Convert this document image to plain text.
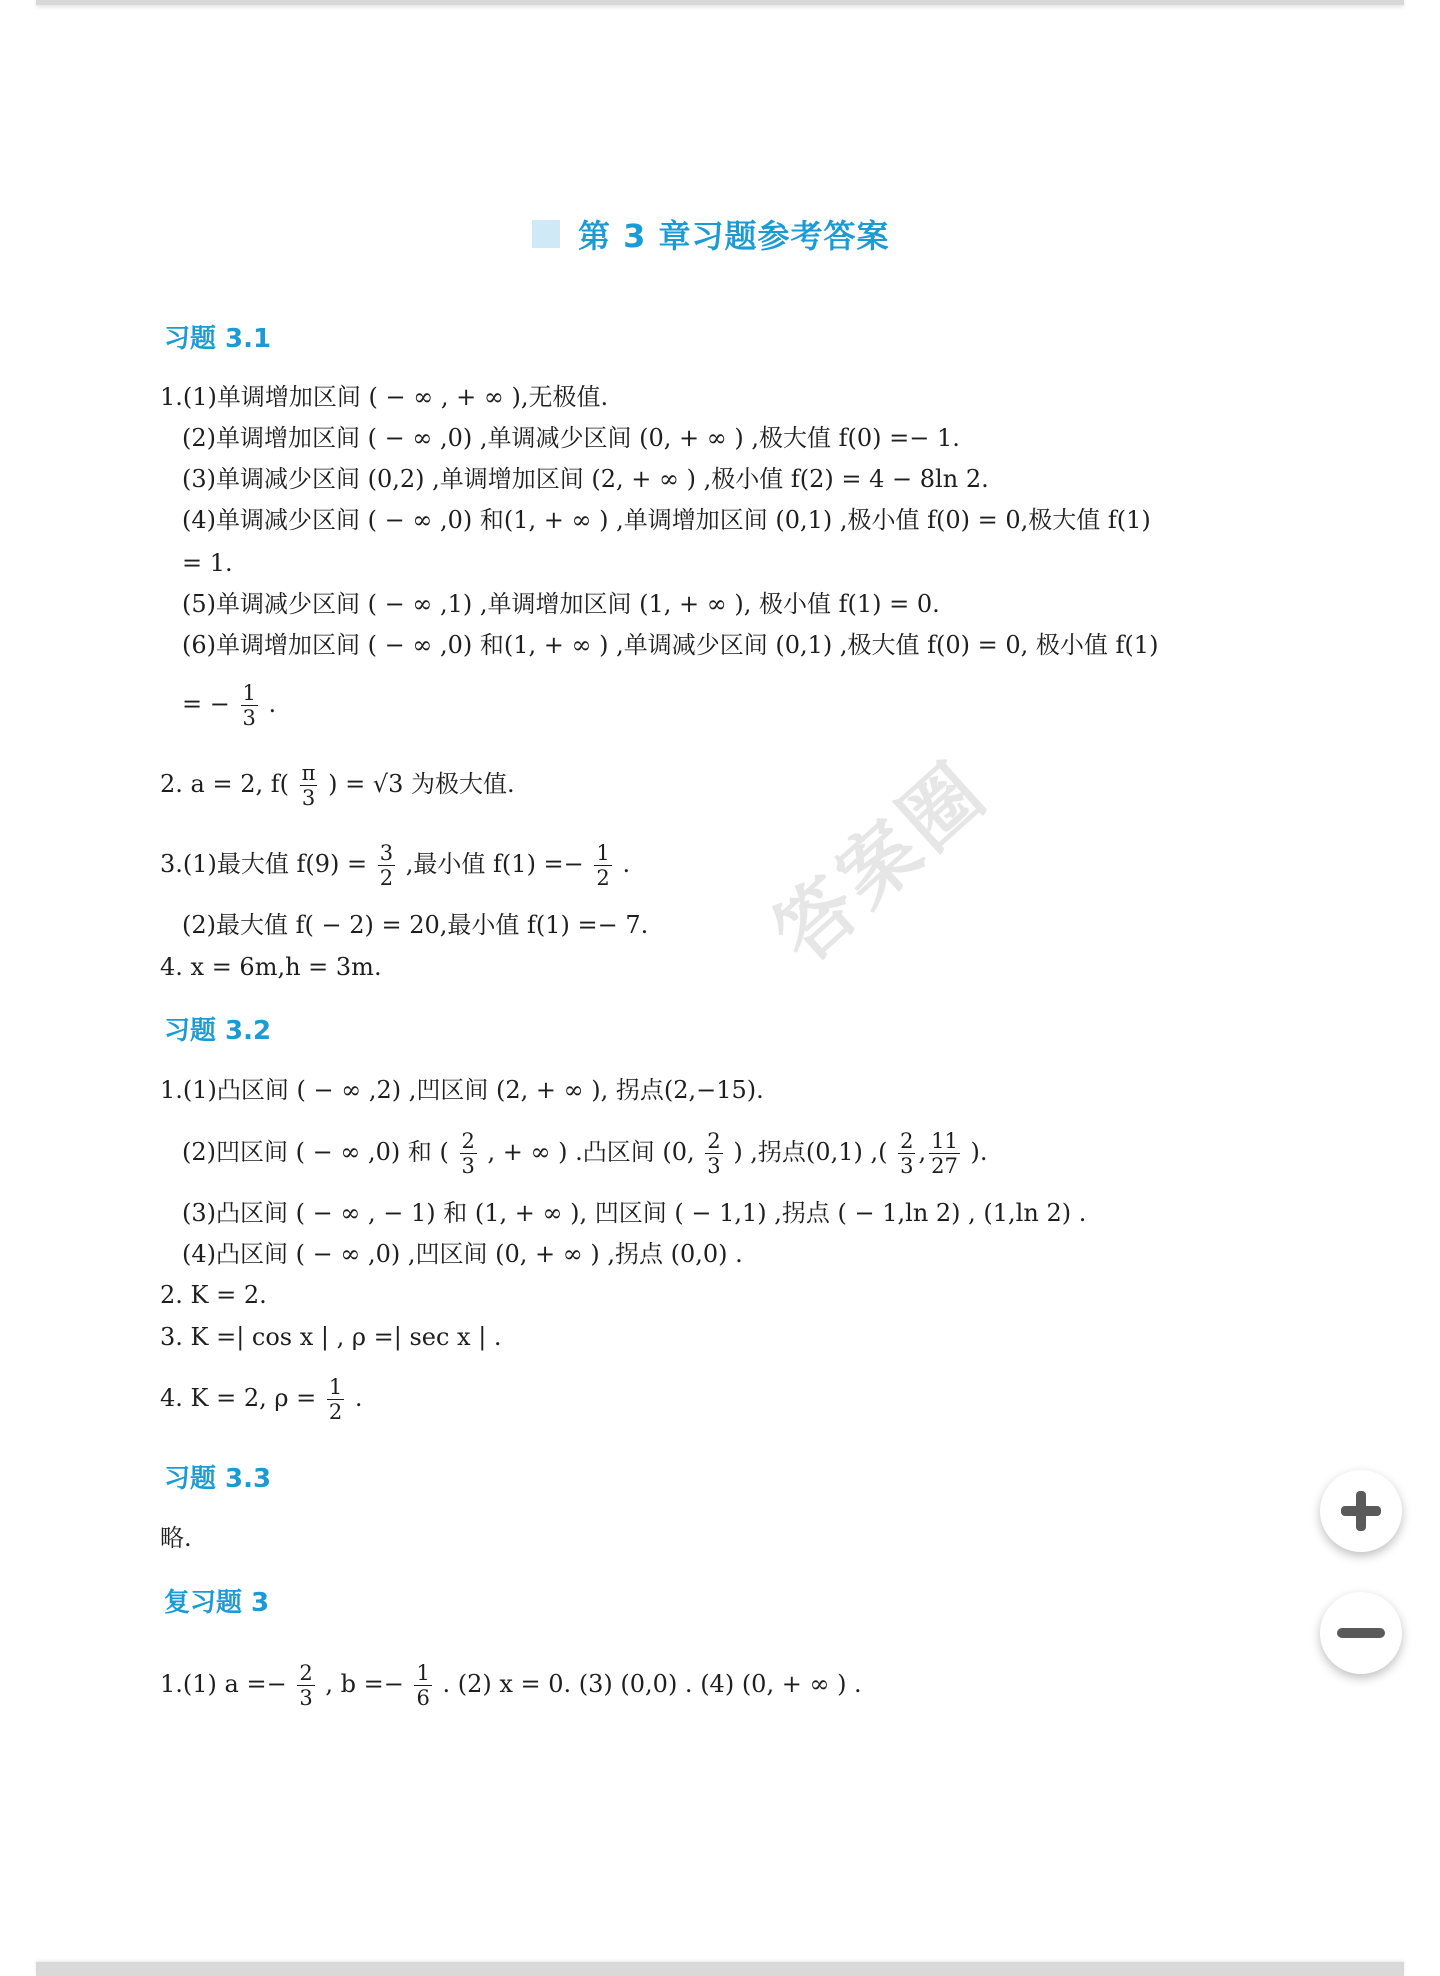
第 3 章习题参考答案
答案圈
习题 3.1
1.(1)单调增加区间 ( − ∞ , + ∞ ),无极值.
(2)单调增加区间 ( − ∞ ,0) ,单调减少区间 (0, + ∞ ) ,极大值 f(0) =− 1.
(3)单调减少区间 (0,2) ,单调增加区间 (2, + ∞ ) ,极小值 f(2) = 4 − 8ln 2.
(4)单调减少区间 ( − ∞ ,0) 和(1, + ∞ ) ,单调增加区间 (0,1) ,极小值 f(0) = 0,极大值 f(1)
= 1.
(5)单调减少区间 ( − ∞ ,1) ,单调增加区间 (1, + ∞ ), 极小值 f(1) = 0.
(6)单调增加区间 ( − ∞ ,0) 和(1, + ∞ ) ,单调减少区间 (0,1) ,极大值 f(0) = 0, 极小值 f(1)
= − $\frac{1}{3}$ .
2. a = 2, $f( \frac{\pi}{3}$ ) = √3 为极大值.
3.(1)最大值 $f(9) = \frac{3}{2}$ ,最小值 $f(1) =- \frac{1}{2}$ .
(2)最大值 f( − 2) = 20,最小值 f(1) =− 7.
4. x = 6m,h = 3m.
习题 3.2
1.(1)凸区间 ( − ∞ ,2) ,凹区间 (2, + ∞ ), 拐点(2,−15).
(2)凹区间 ( − ∞ ,0) 和 ( $\frac{2}{3}$ , + ∞ ) .凸区间 (0, $\frac{2}{3}$ ) ,拐点(0,1) ,( $\frac{2}{3}$ , $\frac{11}{27}$ ).
(3)凸区间 ( − ∞ , − 1) 和 (1, + ∞ ), 凹区间 ( − 1,1) ,拐点 ( − 1,ln 2) , (1,ln 2) .
(4)凸区间 ( − ∞ ,0) ,凹区间 (0, + ∞ ) ,拐点 (0,0) .
2. K = 2.
3. K =| cos x | , ρ =| sec x | .
4. K = 2, $\rho = \frac{1}{2}$ .
习题 3.3
略.
复习题 3
1.(1) $a =- \frac{2}{3}$ , $b =- \frac{1}{6}$ . (2) x = 0. (3) (0,0) . (4) (0, + ∞ ) .
